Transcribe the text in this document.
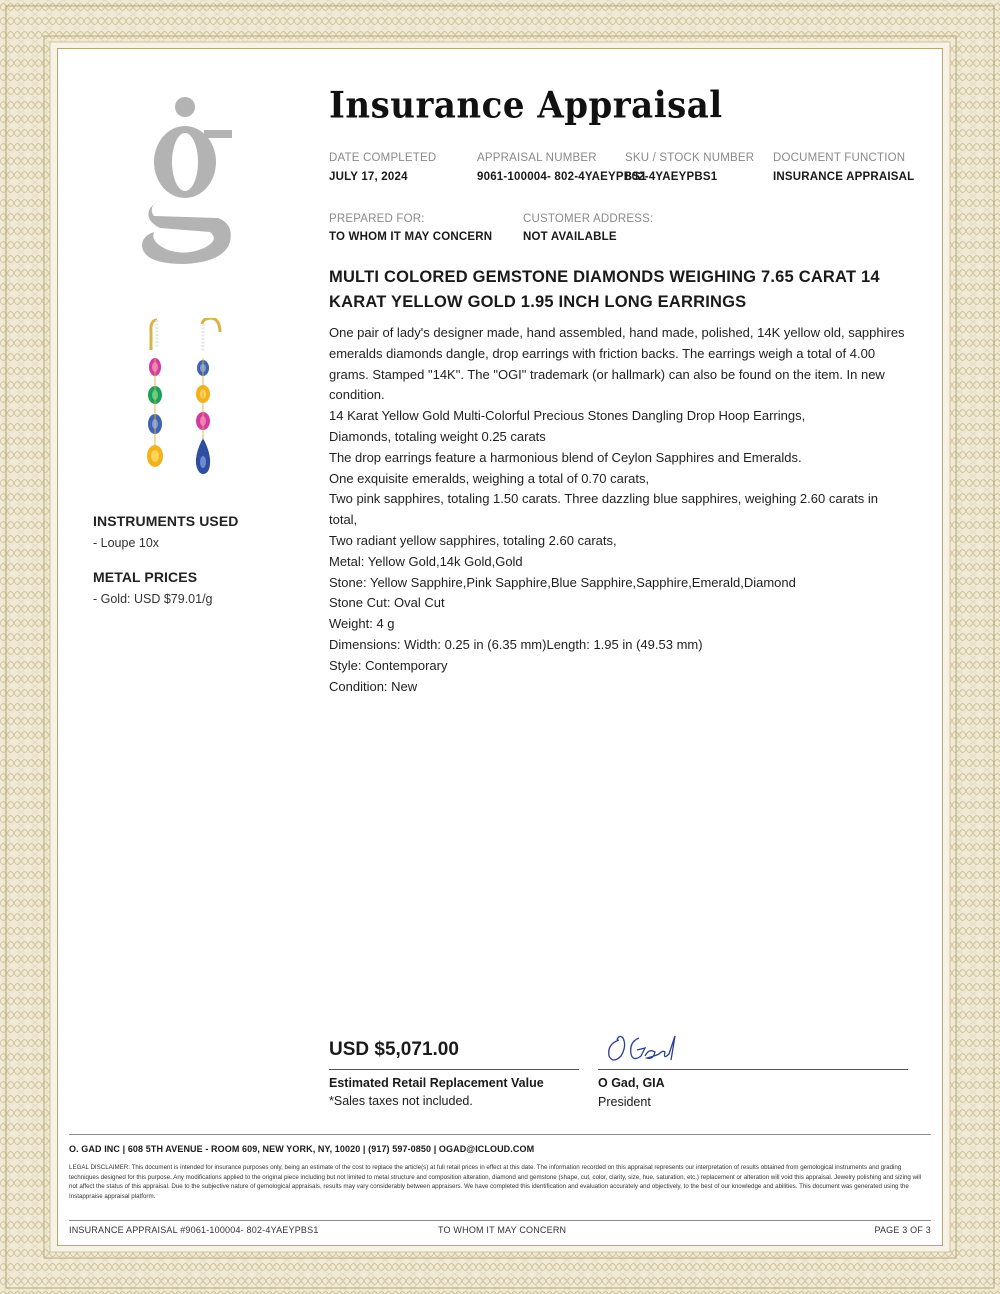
g
INSTRUMENTS USED
- Loupe 10x
METAL PRICES
- Gold: USD $79.01/g
Insurance Appraisal
DATE COMPLETED
JULY 17, 2024
APPRAISAL NUMBER
9061-100004- 802-4YAEYPBS1
SKU / STOCK NUMBER
802-4YAEYPBS1
DOCUMENT FUNCTION
INSURANCE APPRAISAL
PREPARED FOR:
TO WHOM IT MAY CONCERN
CUSTOMER ADDRESS:
NOT AVAILABLE
MULTI COLORED GEMSTONE DIAMONDS WEIGHING 7.65 CARAT 14 KARAT YELLOW GOLD 1.95 INCH LONG EARRINGS
One pair of lady's designer made, hand assembled, hand made, polished, 14K yellow old, sapphires emeralds diamonds dangle, drop earrings with friction backs. The earrings weigh a total of 4.00 grams. Stamped "14K". The "OGI" trademark (or hallmark) can also be found on the item. In new condition.
14 Karat Yellow Gold Multi-Colorful Precious Stones Dangling Drop Hoop Earrings,
Diamonds, totaling weight 0.25 carats
The drop earrings feature a harmonious blend of Ceylon Sapphires and Emeralds.
One exquisite emeralds, weighing a total of 0.70 carats,
Two pink sapphires, totaling 1.50 carats. Three dazzling blue sapphires, weighing 2.60 carats in total,
Two radiant yellow sapphires, totaling 2.60 carats,
Metal: Yellow Gold,14k Gold,Gold
Stone: Yellow Sapphire,Pink Sapphire,Blue Sapphire,Sapphire,Emerald,Diamond
Stone Cut: Oval Cut
Weight: 4 g
Dimensions: Width: 0.25 in (6.35 mm)Length: 1.95 in (49.53 mm)
Style: Contemporary
Condition: New
USD $5,071.00
Estimated Retail Replacement Value
*Sales taxes not included.
O Gad, GIA
President
O. GAD INC | 608 5TH AVENUE - ROOM 609, NEW YORK, NY, 10020 | (917) 597-0850 | OGAD@ICLOUD.COM
LEGAL DISCLAIMER: This document is intended for insurance purposes only, being an estimate of the cost to replace the article(s) at full retail prices in effect at this date. The information recorded on this appraisal represents our interpretation of results obtained from gemological instruments and grading techniques designed for this purpose. Any modifications applied to the original piece including but not limited to metal structure and composition alteration, diamond and gemstone (shape, cut, color, clarity, size, hue, saturation, etc.) replacement or alteration will void this appraisal. Jewelry polishing and sizing will not affect the status of this appraisal. Due to the subjective nature of gemological appraisals, results may vary considerably between appraisers. We have completed this identification and evaluation accurately and objectively, to the best of our knowledge and abilities. This document was generated using the Instappraise appraisal platform.
INSURANCE APPRAISAL #9061-100004- 802-4YAEYPBS1	TO WHOM IT MAY CONCERN	PAGE 3 OF 3
